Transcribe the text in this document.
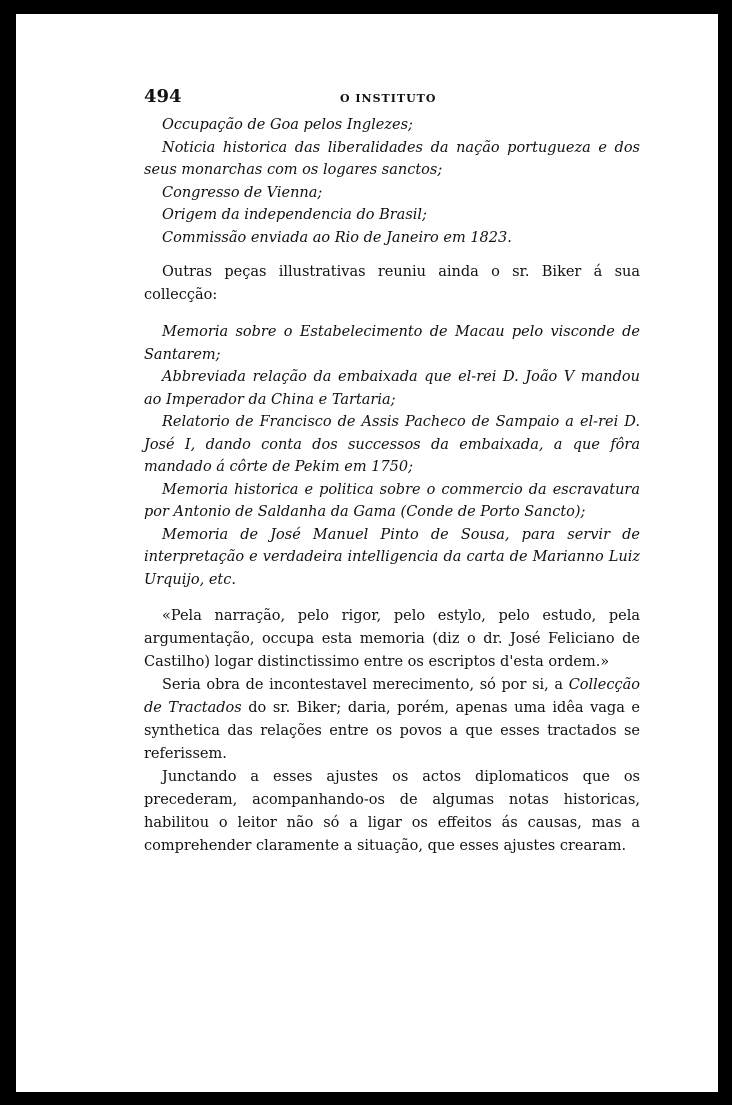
494	O INSTITUTO

Occupação de Goa pelos Inglezes;

Noticia historica das liberalidades da nação portugueza e dos seus monarchas com os logares sanctos;

Congresso de Vienna;

Origem da independencia do Brasil;

Commissão enviada ao Rio de Janeiro em 1823.

Outras peças illustrativas reuniu ainda o sr. Biker á sua collecção:

Memoria sobre o Estabelecimento de Macau pelo visconde de Santarem;

Abbreviada relação da embaixada que el-rei D. João V mandou ao Imperador da China e Tartaria;

Relatorio de Francisco de Assis Pacheco de Sampaio a el-rei D. José I, dando conta dos successos da embaixada, a que fôra mandado á côrte de Pekim em 1750;

Memoria historica e politica sobre o commercio da escravatura por Antonio de Saldanha da Gama (Conde de Porto Sancto);

Memoria de José Manuel Pinto de Sousa, para servir de interpretação e verdadeira intelligencia da carta de Marianno Luiz Urquijo, etc.

«Pela narração, pelo rigor, pelo estylo, pelo estudo, pela argumentação, occupa esta memoria (diz o dr. José Feliciano de Castilho) logar distinctissimo entre os escriptos d'esta ordem.»

Seria obra de incontestavel merecimento, só por si, a Collecção de Tractados do sr. Biker; daria, porém, apenas uma idêa vaga e synthetica das relações entre os povos a que esses tractados se referissem.

Junctando a esses ajustes os actos diplomaticos que os precederam, acompanhando-os de algumas notas historicas, habilitou o leitor não só a ligar os effeitos ás causas, mas a comprehender claramente a situação, que esses ajustes crearam.
